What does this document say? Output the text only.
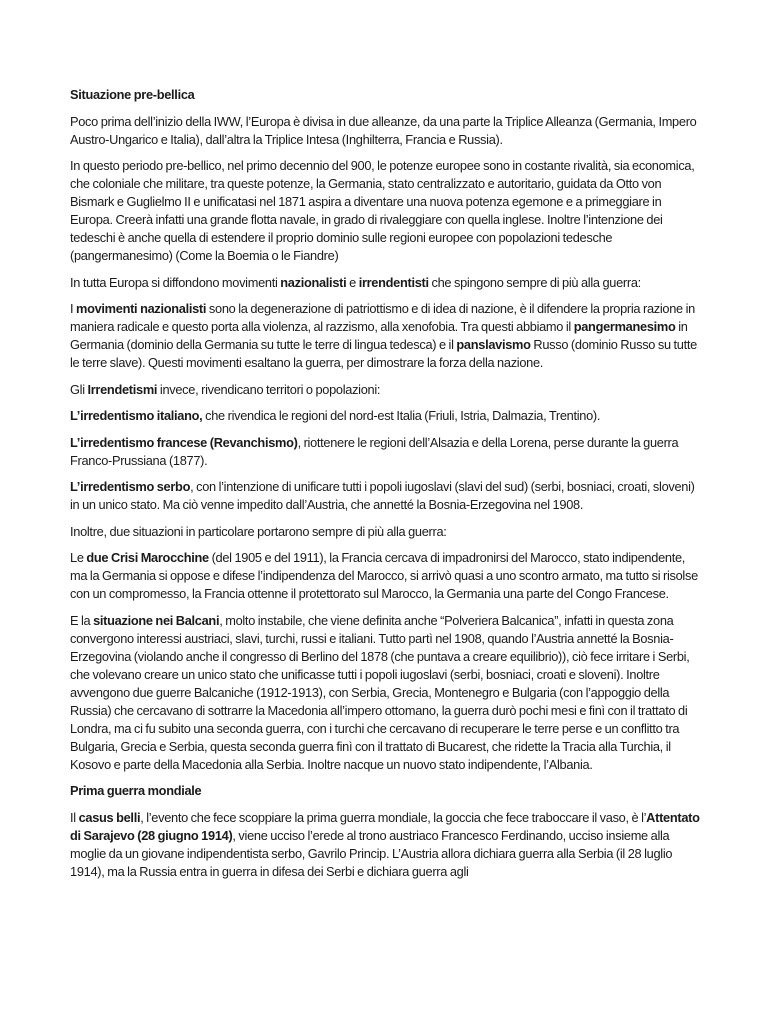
Situazione pre-bellica

Poco prima dell’inizio della IWW, l’Europa è divisa in due alleanze, da una parte la Triplice Alleanza (Germania, Impero Austro-Ungarico e Italia), dall’altra la Triplice Intesa (Inghilterra, Francia e Russia).

In questo periodo pre-bellico, nel primo decennio del 900, le potenze europee sono in costante rivalità, sia economica, che coloniale che militare, tra queste potenze, la Germania, stato centralizzato e autoritario, guidata da Otto von Bismark e Guglielmo II e unificatasi nel 1871 aspira a diventare una nuova potenza egemone e a primeggiare in Europa. Creerà infatti una grande flotta navale, in grado di rivaleggiare con quella inglese. Inoltre l’intenzione dei tedeschi è anche quella di estendere il proprio dominio sulle regioni europee con popolazioni tedesche (pangermanesimo) (Come la Boemia o le Fiandre)

In tutta Europa si diffondono movimenti nazionalisti e irrendentisti che spingono sempre di più alla guerra:

I movimenti nazionalisti sono la degenerazione di patriottismo e di idea di nazione, è il difendere la propria razione in maniera radicale e questo porta alla violenza, al razzismo, alla xenofobia. Tra questi abbiamo il pangermanesimo in Germania (dominio della Germania su tutte le terre di lingua tedesca) e il panslavismo Russo (dominio Russo su tutte le terre slave). Questi movimenti esaltano la guerra, per dimostrare la forza della nazione.

Gli Irrendetismi invece, rivendicano territori o popolazioni:

L’irredentismo italiano, che rivendica le regioni del nord-est Italia (Friuli, Istria, Dalmazia, Trentino).

L’irredentismo francese (Revanchismo), riottenere le regioni dell’Alsazia e della Lorena, perse durante la guerra Franco-Prussiana (1877).

L’irredentismo serbo, con l’intenzione di unificare tutti i popoli iugoslavi (slavi del sud) (serbi, bosniaci, croati, sloveni) in un unico stato. Ma ciò venne impedito dall’Austria, che annetté la Bosnia-Erzegovina nel 1908.

Inoltre, due situazioni in particolare portarono sempre di più alla guerra:

Le due Crisi Marocchine (del 1905 e del 1911), la Francia cercava di impadronirsi del Marocco, stato indipendente, ma la Germania si oppose e difese l’indipendenza del Marocco, si arrivò quasi a uno scontro armato, ma tutto si risolse con un compromesso, la Francia ottenne il protettorato sul Marocco, la Germania una parte del Congo Francese.

E la situazione nei Balcani, molto instabile, che viene definita anche “Polveriera Balcanica”, infatti in questa zona convergono interessi austriaci, slavi, turchi, russi e italiani. Tutto partì nel 1908, quando l’Austria annetté la Bosnia-Erzegovina (violando anche il congresso di Berlino del 1878 (che puntava a creare equilibrio)), ciò fece irritare i Serbi, che volevano creare un unico stato che unificasse tutti i popoli iugoslavi (serbi, bosniaci, croati e sloveni). Inoltre avvengono due guerre Balcaniche (1912-1913), con Serbia, Grecia, Montenegro e Bulgaria (con l’appoggio della Russia) che cercavano di sottrarre la Macedonia all’impero ottomano, la guerra durò pochi mesi e finì con il trattato di Londra, ma ci fu subito una seconda guerra, con i turchi che cercavano di recuperare le terre perse e un conflitto tra Bulgaria, Grecia e Serbia, questa seconda guerra finì con il trattato di Bucarest, che ridette la Tracia alla Turchia, il Kosovo e parte della Macedonia alla Serbia. Inoltre nacque un nuovo stato indipendente, l’Albania.

Prima guerra mondiale

Il casus belli, l’evento che fece scoppiare la prima guerra mondiale, la goccia che fece traboccare il vaso, è l’Attentato di Sarajevo (28 giugno 1914), viene ucciso l’erede al trono austriaco Francesco Ferdinando, ucciso insieme alla moglie da un giovane indipendentista serbo, Gavrilo Princip. L’Austria allora dichiara guerra alla Serbia (il 28 luglio 1914), ma la Russia entra in guerra in difesa dei Serbi e dichiara guerra agli
